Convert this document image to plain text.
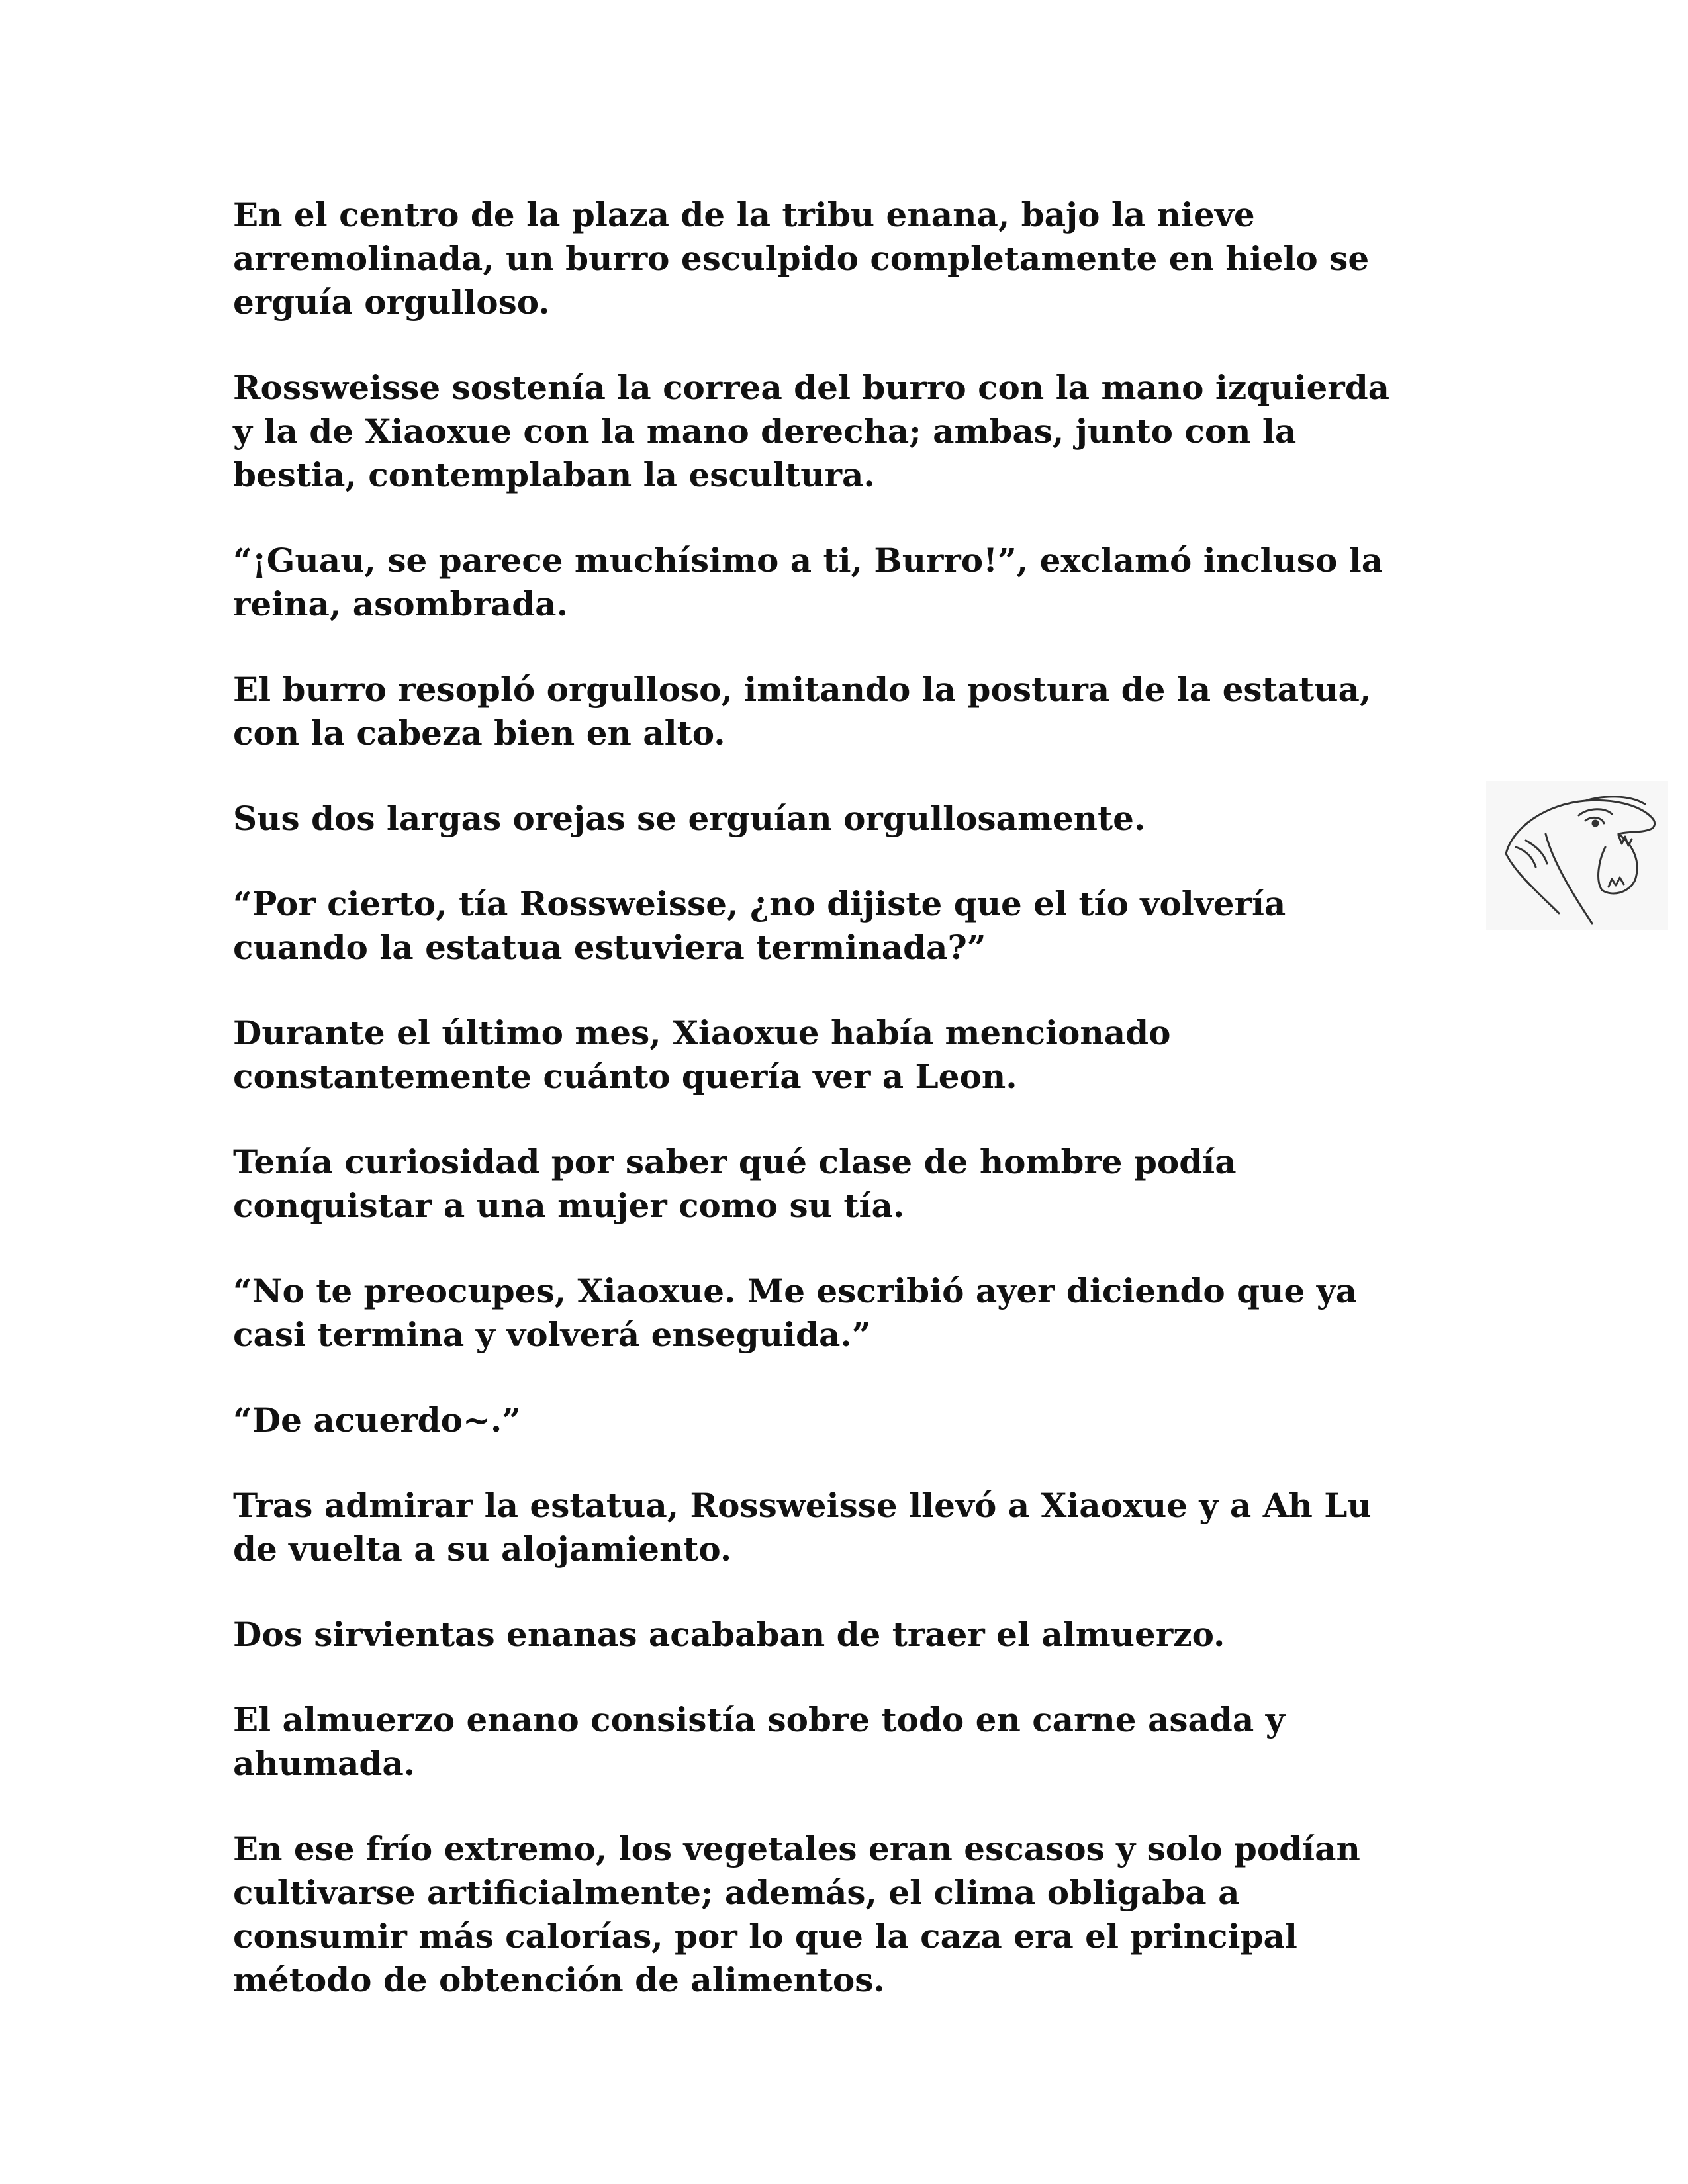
En el centro de la plaza de la tribu enana, bajo la nieve
arremolinada, un burro esculpido completamente en hielo se
erguía orgulloso.

Rossweisse sostenía la correa del burro con la mano izquierda
y la de Xiaoxue con la mano derecha; ambas, junto con la
bestia, contemplaban la escultura.

“¡Guau, se parece muchísimo a ti, Burro!”, exclamó incluso la
reina, asombrada.

El burro resopló orgulloso, imitando la postura de la estatua,
con la cabeza bien en alto.

Sus dos largas orejas se erguían orgullosamente.

“Por cierto, tía Rossweisse, ¿no dijiste que el tío volvería
cuando la estatua estuviera terminada?”

Durante el último mes, Xiaoxue había mencionado
constantemente cuánto quería ver a Leon.

Tenía curiosidad por saber qué clase de hombre podía
conquistar a una mujer como su tía.

“No te preocupes, Xiaoxue. Me escribió ayer diciendo que ya
casi termina y volverá enseguida.”

“De acuerdo~.”

Tras admirar la estatua, Rossweisse llevó a Xiaoxue y a Ah Lu
de vuelta a su alojamiento.

Dos sirvientas enanas acababan de traer el almuerzo.

El almuerzo enano consistía sobre todo en carne asada y
ahumada.

En ese frío extremo, los vegetales eran escasos y solo podían
cultivarse artificialmente; además, el clima obligaba a
consumir más calorías, por lo que la caza era el principal
método de obtención de alimentos.
